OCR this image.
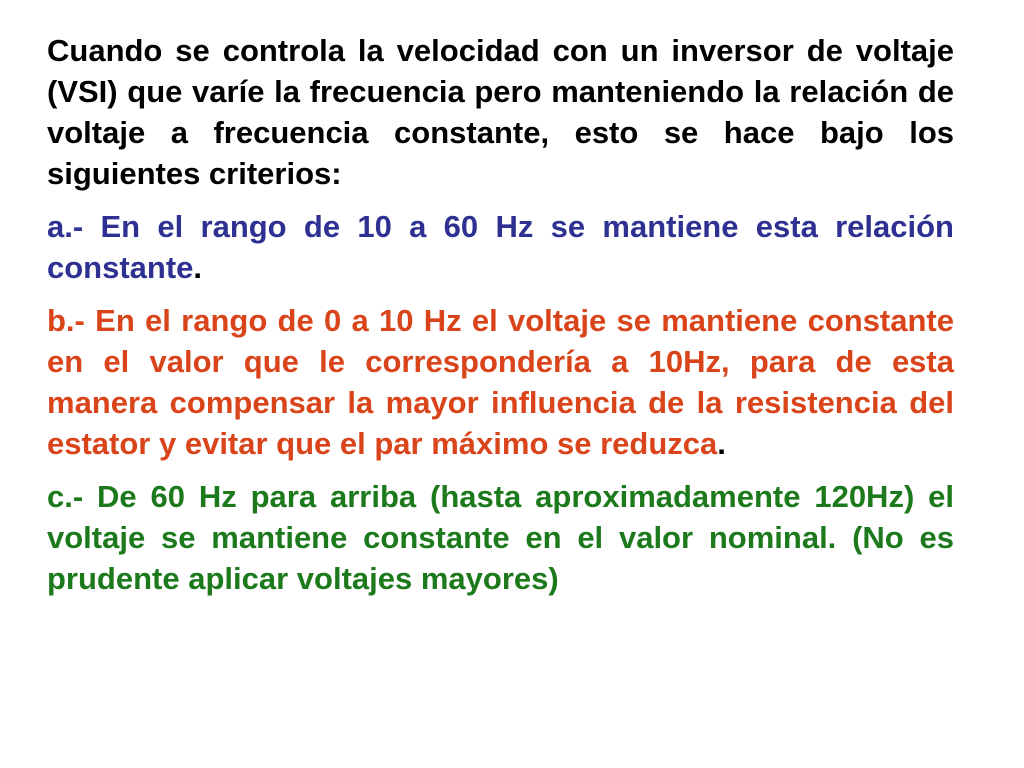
Cuando se controla la velocidad con un inversor de voltaje (VSI) que varíe la frecuencia pero manteniendo la relación de voltaje a frecuencia constante, esto se hace bajo los siguientes criterios:

a.- En el rango de 10 a 60 Hz se mantiene esta relación constante.

b.- En el rango de 0 a 10 Hz el voltaje se mantiene constante en el valor que le correspondería a 10Hz, para de esta manera compensar la mayor influencia de la resistencia del estator y evitar que el par máximo se reduzca.

c.- De 60 Hz para arriba (hasta aproximadamente 120Hz) el voltaje se mantiene constante en el valor nominal. (No es prudente aplicar voltajes mayores)
